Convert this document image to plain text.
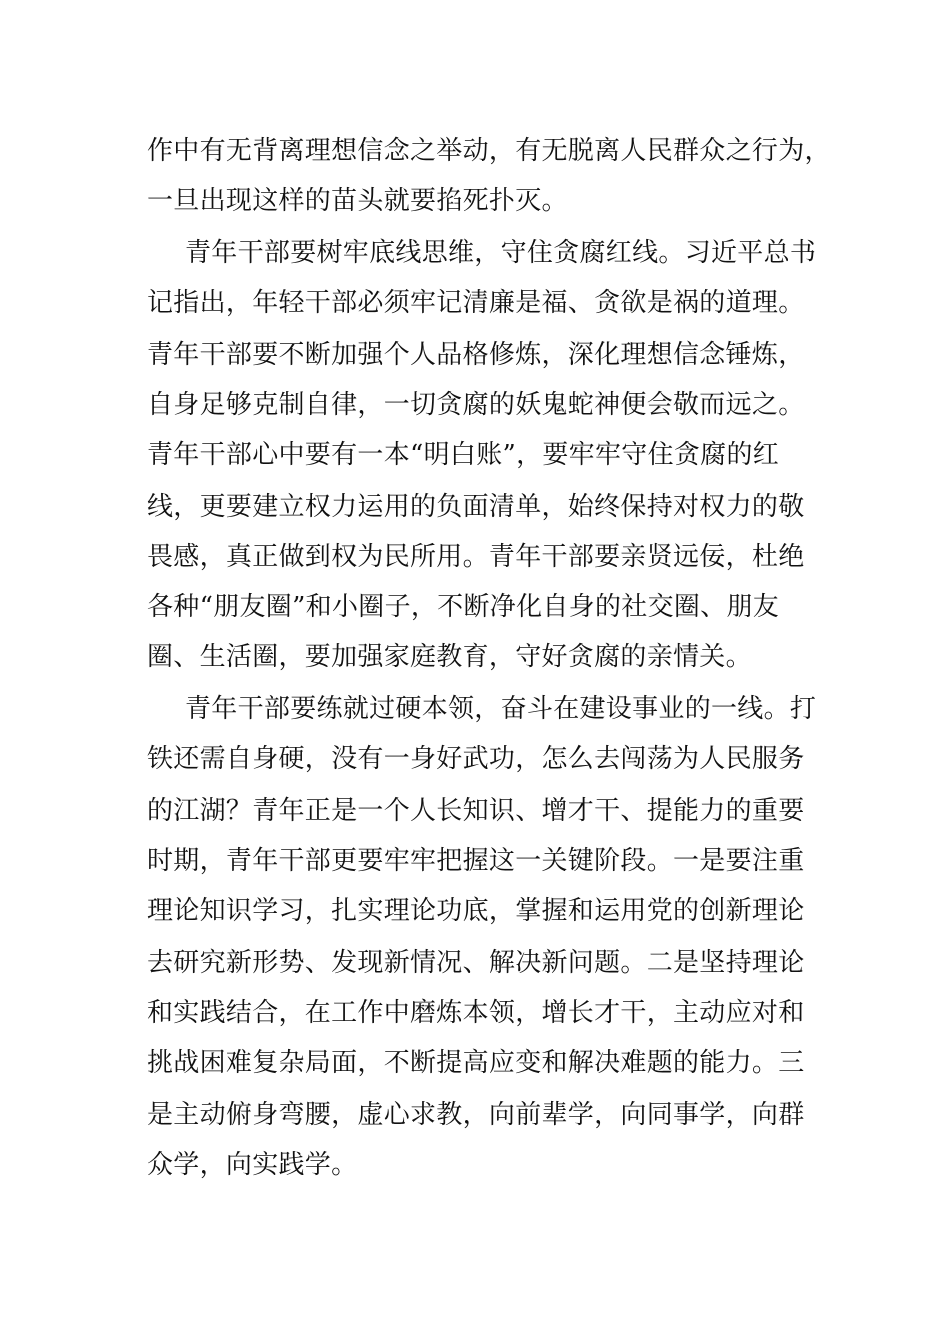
作中有无背离理想信念之举动，有无脱离人民群众之行为，
一旦出现这样的苗头就要掐死扑灭。
青年干部要树牢底线思维，守住贪腐红线。习近平总书
记指出，年轻干部必须牢记清廉是福、贪欲是祸的道理。
青年干部要不断加强个人品格修炼，深化理想信念锤炼，
自身足够克制自律，一切贪腐的妖鬼蛇神便会敬而远之。
青年干部心中要有一本“明白账”，要牢牢守住贪腐的红
线，更要建立权力运用的负面清单，始终保持对权力的敬
畏感，真正做到权为民所用。青年干部要亲贤远佞，杜绝
各种“朋友圈”和小圈子，不断净化自身的社交圈、朋友
圈、生活圈，要加强家庭教育，守好贪腐的亲情关。
青年干部要练就过硬本领，奋斗在建设事业的一线。打
铁还需自身硬，没有一身好武功，怎么去闯荡为人民服务
的江湖？青年正是一个人长知识、增才干、提能力的重要
时期，青年干部更要牢牢把握这一关键阶段。一是要注重
理论知识学习，扎实理论功底，掌握和运用党的创新理论
去研究新形势、发现新情况、解决新问题。二是坚持理论
和实践结合，在工作中磨炼本领，增长才干，主动应对和
挑战困难复杂局面，不断提高应变和解决难题的能力。三
是主动俯身弯腰，虚心求教，向前辈学，向同事学，向群
众学，向实践学。
